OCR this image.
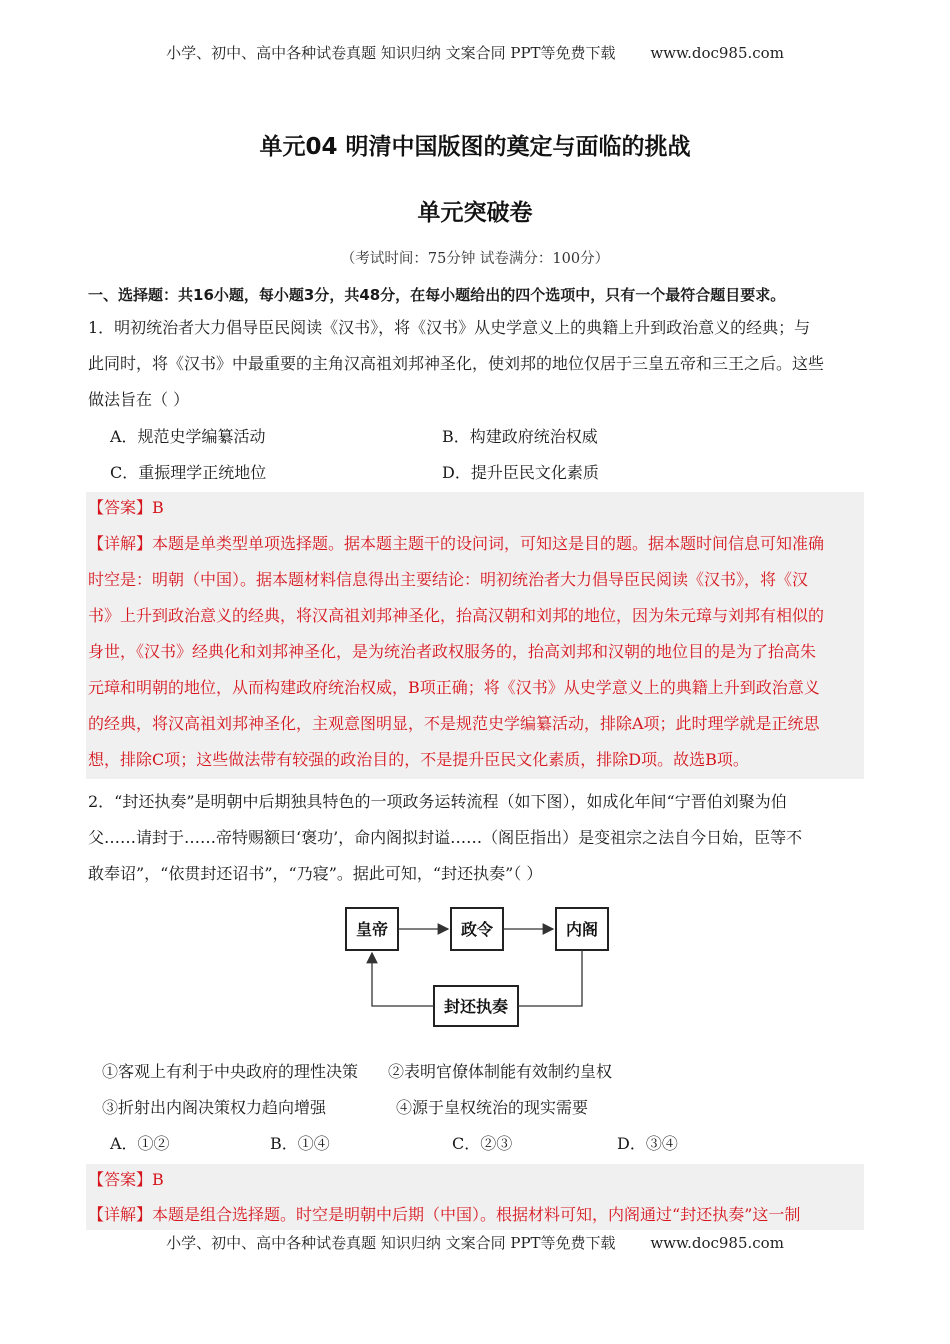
小学、初中、高中各种试卷真题 知识归纳 文案合同 PPT等免费下载 www.doc985.com
单元04 明清中国版图的奠定与面临的挑战
单元突破卷
（考试时间：75分钟 试卷满分：100分）
一、选择题：共16小题，每小题3分，共48分，在每小题给出的四个选项中，只有一个最符合题目要求。
1．明初统治者大力倡导臣民阅读《汉书》，将《汉书》从史学意义上的典籍上升到政治意义的经典；与
此同时，将《汉书》中最重要的主角汉高祖刘邦神圣化，使刘邦的地位仅居于三皇五帝和三王之后。这些
做法旨在（ ）
A．规范史学编纂活动	B．构建政府统治权威
C．重振理学正统地位	D．提升臣民文化素质
【答案】B
【详解】本题是单类型单项选择题。据本题主题干的设问词，可知这是目的题。据本题时间信息可知准确
时空是：明朝（中国）。据本题材料信息得出主要结论：明初统治者大力倡导臣民阅读《汉书》，将《汉
书》上升到政治意义的经典，将汉高祖刘邦神圣化，抬高汉朝和刘邦的地位，因为朱元璋与刘邦有相似的
身世，《汉书》经典化和刘邦神圣化，是为统治者政权服务的，抬高刘邦和汉朝的地位目的是为了抬高朱
元璋和明朝的地位，从而构建政府统治权威，B项正确；将《汉书》从史学意义上的典籍上升到政治意义
的经典，将汉高祖刘邦神圣化，主观意图明显，不是规范史学编纂活动，排除A项；此时理学就是正统思
想，排除C项；这些做法带有较强的政治目的，不是提升臣民文化素质，排除D项。故选B项。
2．“封还执奏”是明朝中后期独具特色的一项政务运转流程（如下图），如成化年间“宁晋伯刘聚为伯
父……请封于……帝特赐额曰‘褒功’，命内阁拟封谥……（阁臣指出）是变祖宗之法自今日始，臣等不
敢奉诏”，“依贯封还诏书”，“乃寝”。据此可知，“封还执奏”（ ）
皇帝	政令	内阁
封还执奏
①客观上有利于中央政府的理性决策 ②表明官僚体制能有效制约皇权
③折射出内阁决策权力趋向增强	④源于皇权统治的现实需要
A．①②	B．①④	C．②③	D．③④
【答案】B
【详解】本题是组合选择题。时空是明朝中后期（中国）。根据材料可知，内阁通过“封还执奏”这一制
小学、初中、高中各种试卷真题 知识归纳 文案合同 PPT等免费下载 www.doc985.com
